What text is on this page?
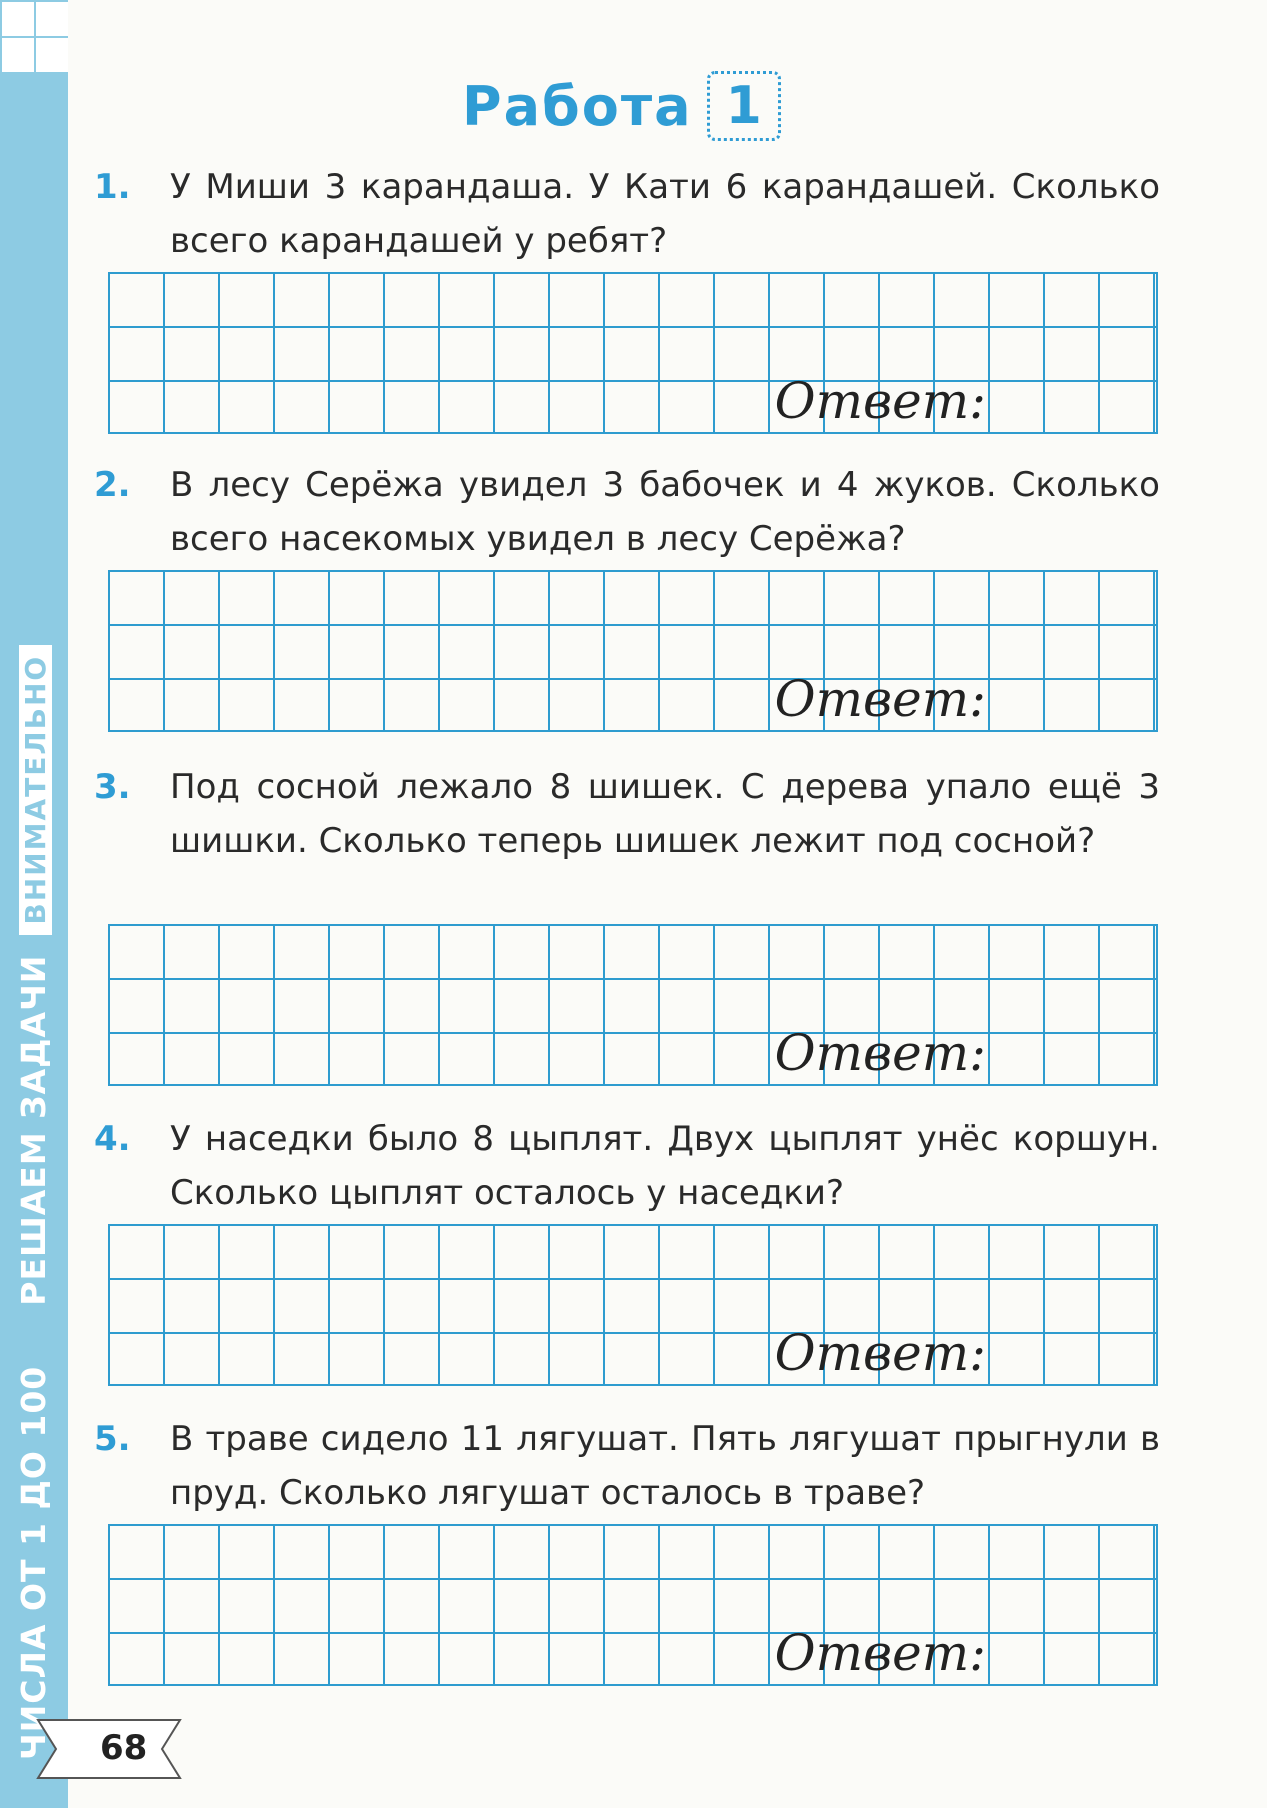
ЧИСЛА ОТ 1 ДО 100РЕШАЕМ ЗАДАЧИВНИМАТЕЛЬНО
68
Работа 1
1. У Миши 3 карандаша. У Кати 6 карандашей. Сколько всего карандашей у ребят?
Ответ:
2. В лесу Серёжа увидел 3 бабочек и 4 жуков. Сколько всего насекомых увидел в лесу Серёжа?
Ответ:
3. Под сосной лежало 8 шишек. С дерева упало ещё 3 шишки. Сколько теперь шишек лежит под сосной?
Ответ:
4. У наседки было 8 цыплят. Двух цыплят унёс коршун. Сколько цыплят осталось у наседки?
Ответ:
5. В траве сидело 11 лягушат. Пять лягушат прыгнули в пруд. Сколько лягушат осталось в траве?
Ответ:
